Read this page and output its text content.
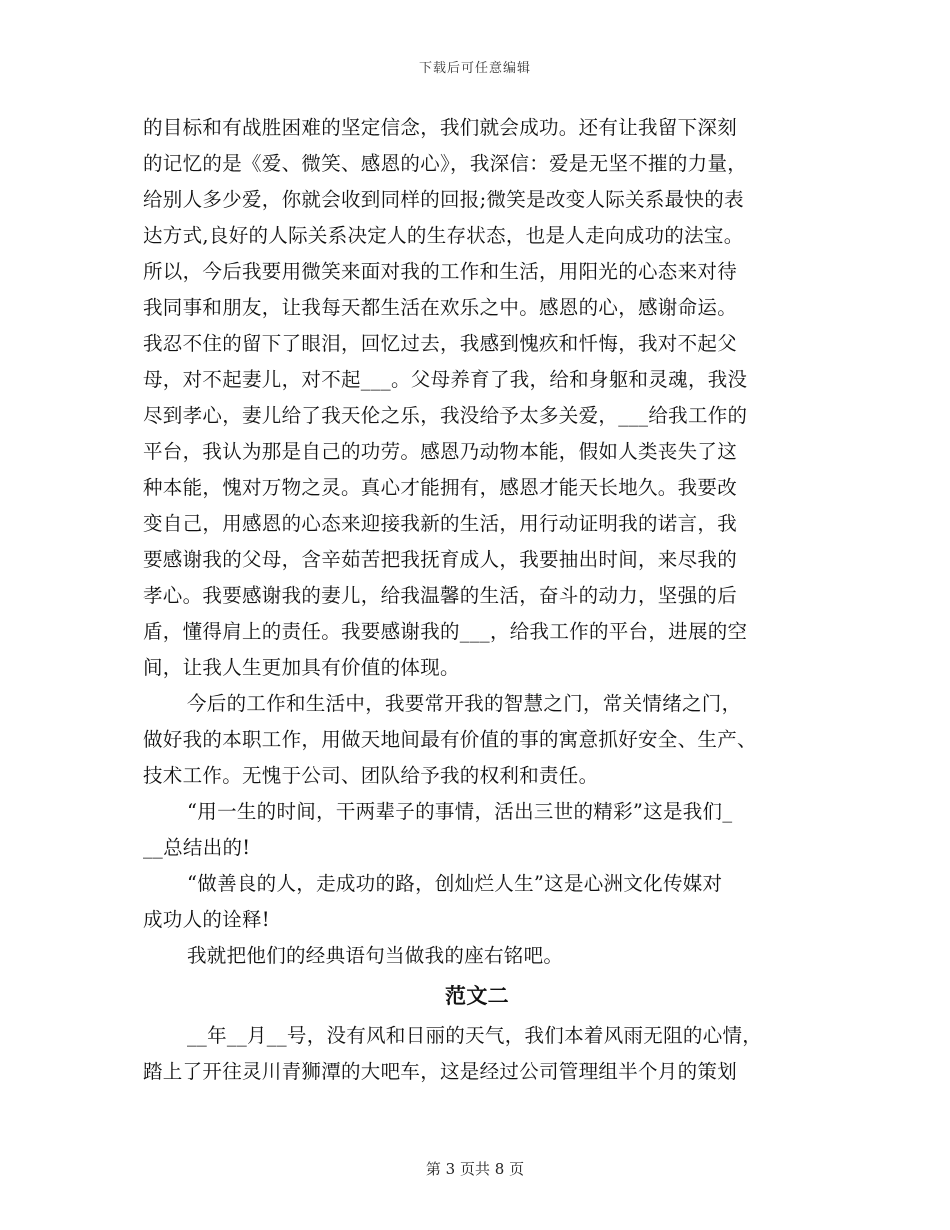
下载后可任意编辑
的目标和有战胜困难的坚定信念，我们就会成功。还有让我留下深刻
的记忆的是《爱、微笑、感恩的心》，我深信：爱是无坚不摧的力量，
给别人多少爱，你就会收到同样的回报;微笑是改变人际关系最快的表
达方式,良好的人际关系决定人的生存状态，也是人走向成功的法宝。
所以，今后我要用微笑来面对我的工作和生活，用阳光的心态来对待
我同事和朋友，让我每天都生活在欢乐之中。感恩的心，感谢命运。
我忍不住的留下了眼泪，回忆过去，我感到愧疚和忏悔，我对不起父
母，对不起妻儿，对不起___。父母养育了我，给和身躯和灵魂，我没
尽到孝心，妻儿给了我天伦之乐，我没给予太多关爱，___给我工作的
平台，我认为那是自己的功劳。感恩乃动物本能，假如人类丧失了这
种本能，愧对万物之灵。真心才能拥有，感恩才能天长地久。我要改
变自己，用感恩的心态来迎接我新的生活，用行动证明我的诺言，我
要感谢我的父母，含辛茹苦把我抚育成人，我要抽出时间，来尽我的
孝心。我要感谢我的妻儿，给我温馨的生活，奋斗的动力，坚强的后
盾，懂得肩上的责任。我要感谢我的___，给我工作的平台，进展的空
间，让我人生更加具有价值的体现。
今后的工作和生活中，我要常开我的智慧之门，常关情绪之门，
做好我的本职工作，用做天地间最有价值的事的寓意抓好安全、生产、
技术工作。无愧于公司、团队给予我的权利和责任。
“用一生的时间，干两辈子的事情，活出三世的精彩”这是我们_
__总结出的!
“做善良的人，走成功的路，创灿烂人生”这是心洲文化传媒对
成功人的诠释!
我就把他们的经典语句当做我的座右铭吧。
范文二
__年__月__号，没有风和日丽的天气，我们本着风雨无阻的心情，
踏上了开往灵川青狮潭的大吧车，这是经过公司管理组半个月的策划
第 3 页共 8 页
